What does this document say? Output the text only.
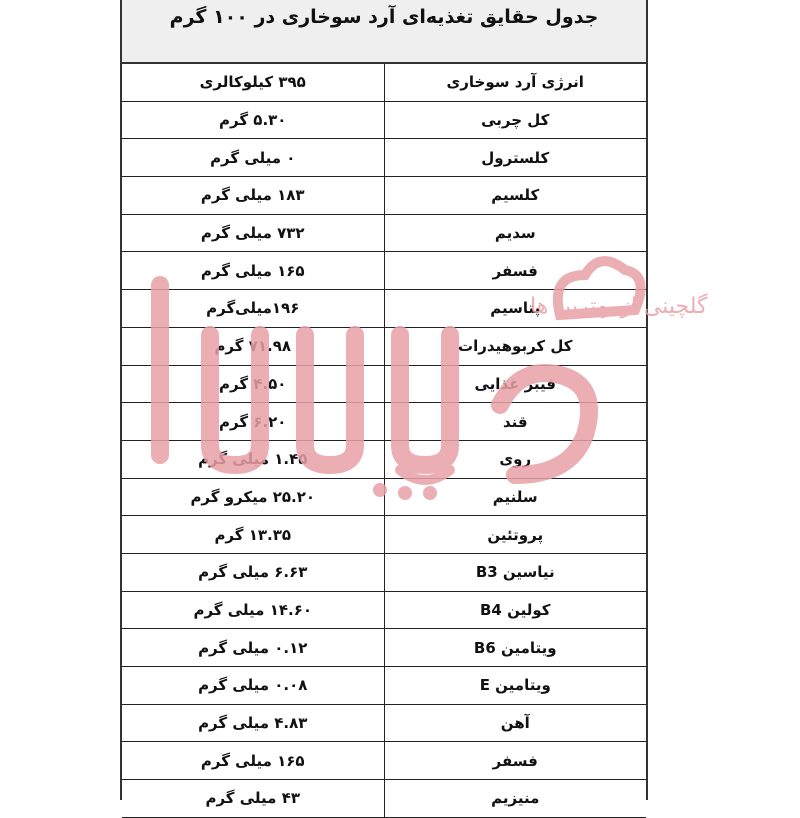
جدول حقایق تغذیه‌ای آرد سوخاری در ۱۰۰ گرم
انرژی آرد سوخاری	۳۹۵ کیلوکالری
کل چربی	۵.۳۰ گرم
کلسترول	۰ میلی گرم
کلسیم	۱۸۳ میلی گرم
سدیم	۷۳۲ میلی گرم
فسفر	۱۶۵ میلی گرم
پتاسیم	۱۹۶میلی‌گرم
کل کربوهیدرات	۷۱.۹۸ گرم
فیبر غذایی	۴.۵۰ گرم
قند	۶.۲۰ گرم
روی	۱.۴۵ میلی گرم
سلنیم	۲۵.۲۰ میکرو گرم
پروتئین	۱۳.۳۵ گرم
نیاسین B3	۶.۶۳ میلی گرم
کولین B4	۱۴.۶۰ میلی گرم
ویتامین B6	۰.۱۲ میلی گرم
ویتامین E	۰.۰۸ میلی گرم
آهن	۴.۸۳ میلی گرم
فسفر	۱۶۵ میلی گرم
منیزیم	۴۳ میلی گرم
گلچینی از بهترین ها
